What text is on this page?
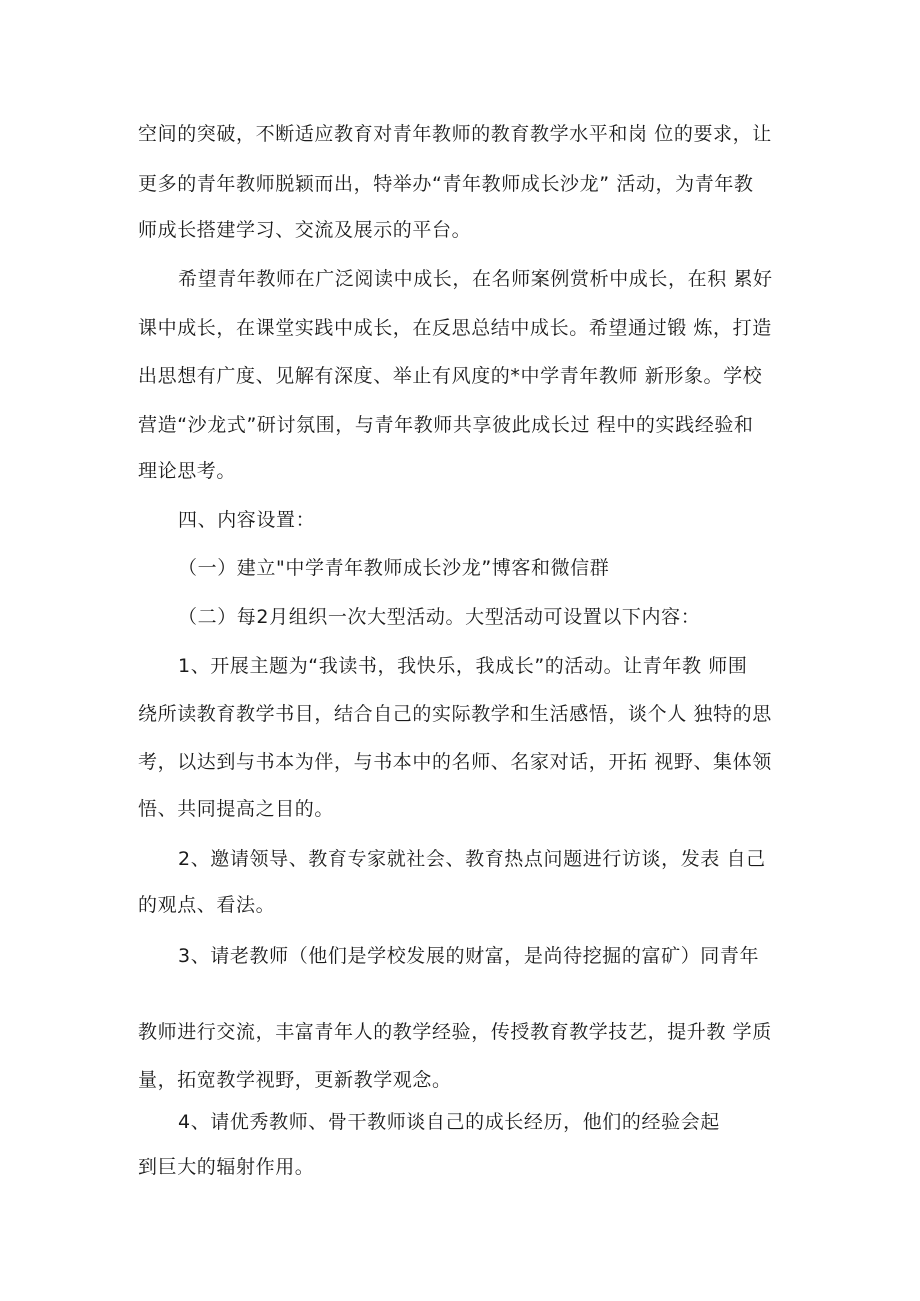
空间的突破，不断适应教育对青年教师的教育教学水平和岗 位的要求，让
更多的青年教师脱颖而出，特举办“青年教师成长沙龙” 活动，为青年教
师成长搭建学习、交流及展示的平台。
希望青年教师在广泛阅读中成长，在名师案例赏析中成长，在积 累好
课中成长，在课堂实践中成长，在反思总结中成长。希望通过锻 炼，打造
出思想有广度、见解有深度、举止有风度的*中学青年教师 新形象。学校
营造“沙龙式”研讨氛围，与青年教师共享彼此成长过 程中的实践经验和
理论思考。
四、内容设置：
（一）建立"中学青年教师成长沙龙”博客和微信群
（二）每2月组织一次大型活动。大型活动可设置以下内容：
1、开展主题为“我读书，我快乐，我成长”的活动。让青年教 师围
绕所读教育教学书目，结合自己的实际教学和生活感悟，谈个人 独特的思
考，以达到与书本为伴，与书本中的名师、名家对话，开拓 视野、集体领
悟、共同提高之目的。
2、邀请领导、教育专家就社会、教育热点问题进行访谈，发表 自己
的观点、看法。
3、请老教师（他们是学校发展的财富，是尚待挖掘的富矿）同青年
教师进行交流，丰富青年人的教学经验，传授教育教学技艺，提升教 学质
量，拓宽教学视野，更新教学观念。
4、请优秀教师、骨干教师谈自己的成长经历，他们的经验会起
到巨大的辐射作用。
